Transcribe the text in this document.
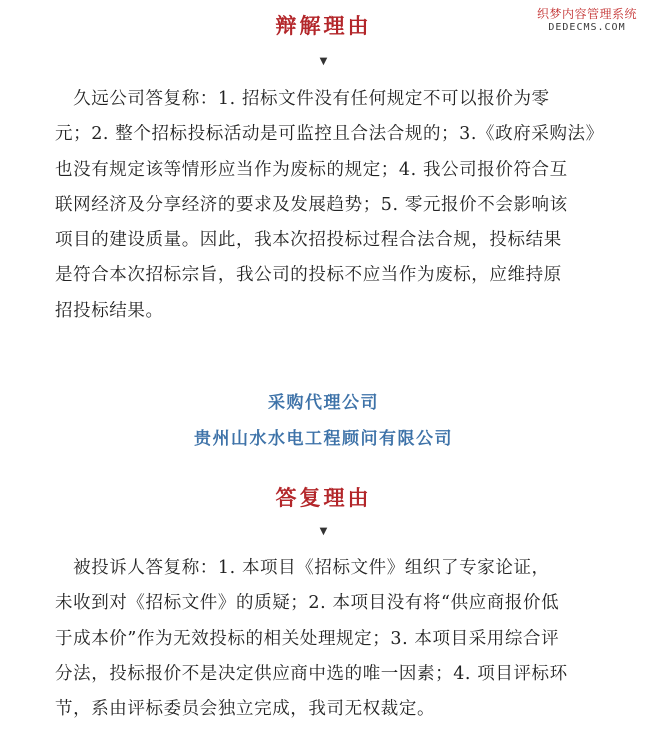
织梦内容管理系统
DEDECMS.COM
辩解理由
▼
　久远公司答复称：1. 招标文件没有任何规定不可以报价为零
元；2. 整个招标投标活动是可监控且合法合规的；3.《政府采购法》
也没有规定该等情形应当作为废标的规定；4. 我公司报价符合互
联网经济及分享经济的要求及发展趋势；5. 零元报价不会影响该
项目的建设质量。因此，我本次招投标过程合法合规，投标结果
是符合本次招标宗旨，我公司的投标不应当作为废标，应维持原
招投标结果。
采购代理公司
贵州山水水电工程顾问有限公司
答复理由
▼
　被投诉人答复称：1. 本项目《招标文件》组织了专家论证，
未收到对《招标文件》的质疑；2. 本项目没有将“供应商报价低
于成本价”作为无效投标的相关处理规定；3. 本项目采用综合评
分法，投标报价不是决定供应商中选的唯一因素；4. 项目评标环
节，系由评标委员会独立完成，我司无权裁定。
